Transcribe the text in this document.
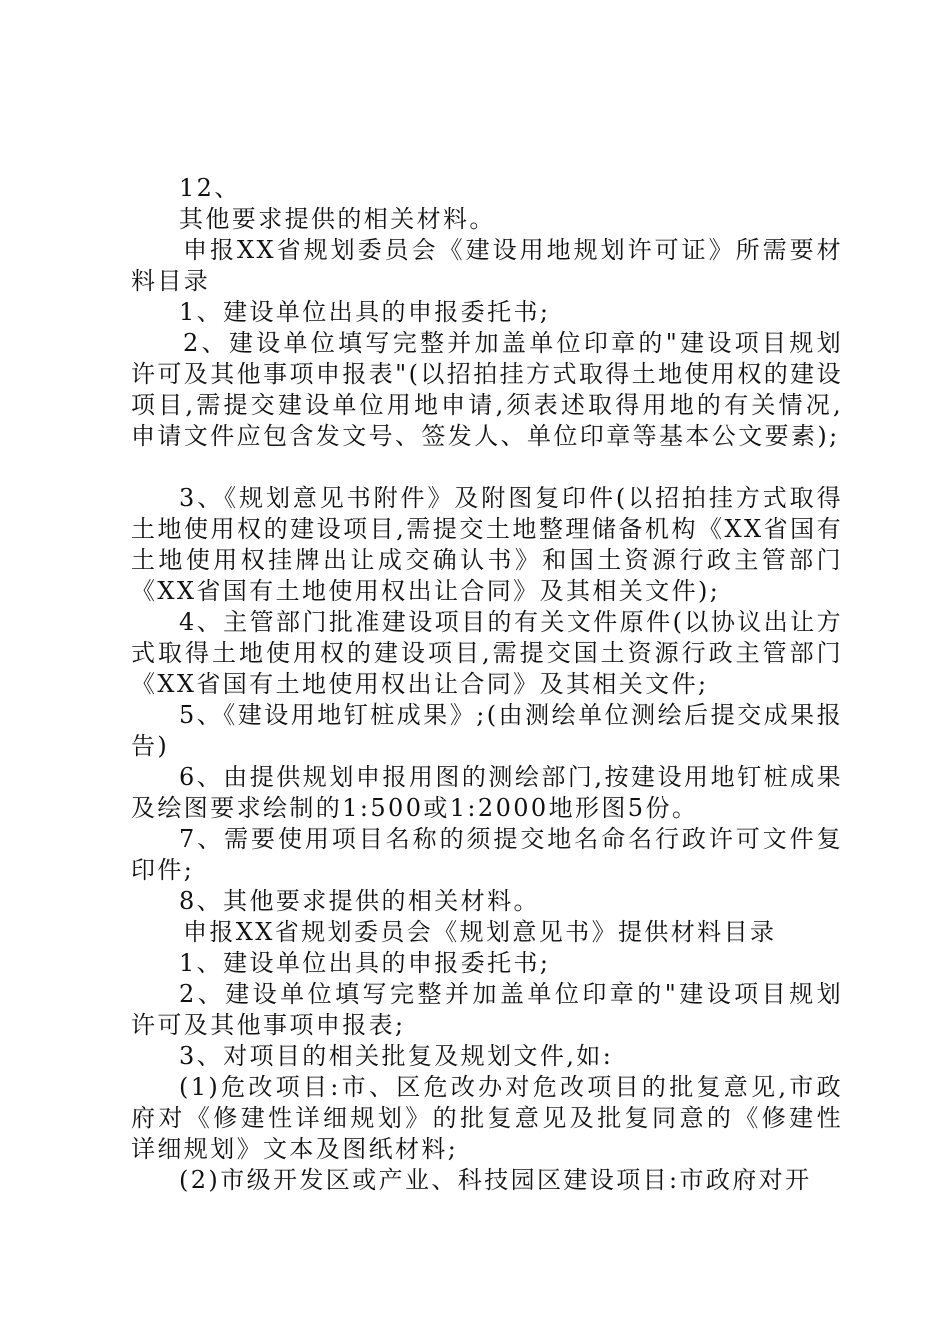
12、

其他要求提供的相关材料。

申报XX省规划委员会《建设用地规划许可证》所需要材料目录

1、建设单位出具的申报委托书;

2、建设单位填写完整并加盖单位印章的"建设项目规划许可及其他事项申报表"(以招拍挂方式取得土地使用权的建设项目,需提交建设单位用地申请,须表述取得用地的有关情况,申请文件应包含发文号、签发人、单位印章等基本公文要素);

3、《规划意见书附件》及附图复印件(以招拍挂方式取得土地使用权的建设项目,需提交土地整理储备机构《XX省国有土地使用权挂牌出让成交确认书》和国土资源行政主管部门《XX省国有土地使用权出让合同》及其相关文件);

4、主管部门批准建设项目的有关文件原件(以协议出让方式取得土地使用权的建设项目,需提交国土资源行政主管部门《XX省国有土地使用权出让合同》及其相关文件;

5、《建设用地钉桩成果》;(由测绘单位测绘后提交成果报告)

6、由提供规划申报用图的测绘部门,按建设用地钉桩成果及绘图要求绘制的1:500或1:2000地形图5份。

7、需要使用项目名称的须提交地名命名行政许可文件复印件;

8、其他要求提供的相关材料。

申报XX省规划委员会《规划意见书》提供材料目录

1、建设单位出具的申报委托书;

2、建设单位填写完整并加盖单位印章的"建设项目规划许可及其他事项申报表;

3、对项目的相关批复及规划文件,如:

(1)危改项目:市、区危改办对危改项目的批复意见,市政府对《修建性详细规划》的批复意见及批复同意的《修建性详细规划》文本及图纸材料;

(2)市级开发区或产业、科技园区建设项目:市政府对开
